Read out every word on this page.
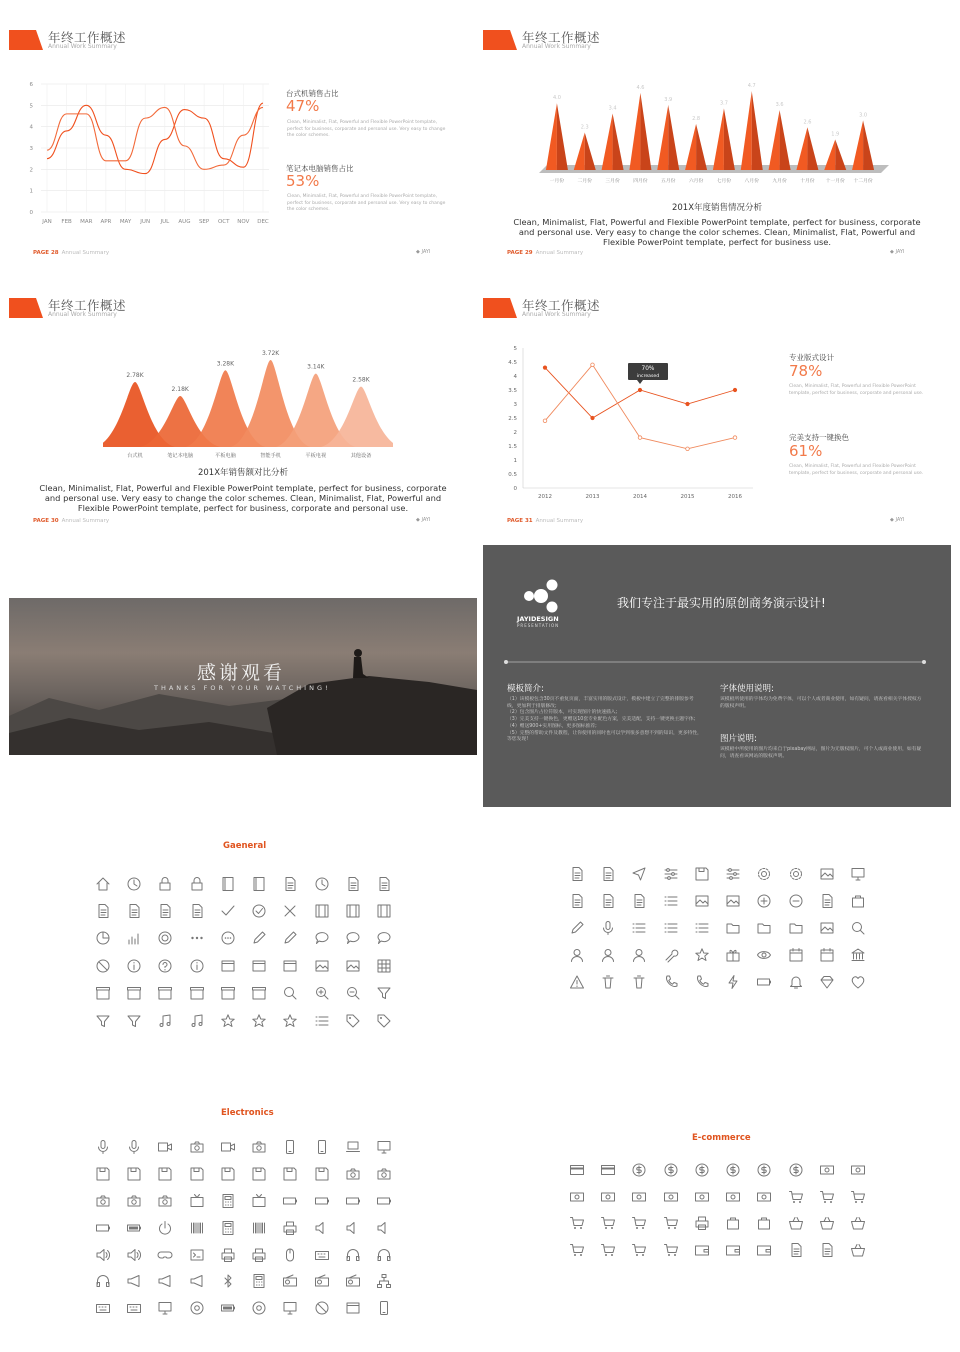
年终工作概述
Annual Work Summary
0
1
2
3
4
5
6
JAN FEB MAR APR MAY JUN JUL AUG SEP OCT NOV DEC
台式机销售占比
47%
Clean, Minimalist, Flat, Powerful and Flexible PowerPoint template, perfect for business, corporate and personal use. Very easy to change the color schemes.
笔记本电脑销售占比
53%
Clean, Minimalist, Flat, Powerful and Flexible PowerPoint template, perfect for business, corporate and personal use. Very easy to change the color schemes.
PAGE 28 Annual Summary	◆ JAYI
年终工作概述
Annual Work Summary
4.0
一月份
2.3
二月份
3.4
三月份
4.6
四月份
3.9
五月份
2.8
六月份
3.7
七月份
4.7
八月份
3.6
九月份
2.6
十月份
1.9
十一月份
3.0
十二月份
201X年度销售情况分析
Clean, Minimalist, Flat, Powerful and Flexible PowerPoint template, perfect for business, corporate and personal use. Very easy to change the color schemes. Clean, Minimalist, Flat, Powerful and Flexible PowerPoint template, perfect for business use.
PAGE 29 Annual Summary	◆ JAYI
年终工作概述
Annual Work Summary
2.78K
台式机
2.18K
笔记本电脑
3.28K
平板电脑
3.72K
智能手机
3.14K
平板电视
2.58K
其他设备
201X年销售额对比分析
Clean, Minimalist, Flat, Powerful and Flexible PowerPoint template, perfect for business, corporate and personal use. Very easy to change the color schemes. Clean, Minimalist, Flat, Powerful and Flexible PowerPoint template, perfect for business, corporate and personal use.
PAGE 30 Annual Summary	◆ JAYI
年终工作概述
Annual Work Summary
0
0.5
1
1.5
2
2.5
3
3.5
4
4.5
5
2012	2013	2014	2015	2016
70%
increased
专业版式设计
78%
Clean, Minimalist, Flat, Powerful and Flexible PowerPoint template, perfect for business, corporate and personal use.
完美支持一键换色
61%
Clean, Minimalist, Flat, Powerful and Flexible PowerPoint template, perfect for business, corporate and personal use.
PAGE 31 Annual Summary	◆ JAYI
感谢观看
THANKS FOR YOUR WATCHING!
JAYIDESIGN
PRESENTATION
我们专注于最实用的原创商务演示设计!
模板简介:
（1）该模板包含30页不重复页面，丰富实用的版式设计，模板中建立了完整的排版参考线，更加利于排版修改;
（2）包含图片占位符版本，可实现图片的快速插入;
（3）完美支持一键换色，更赠送10套专业配色方案，完美适配，支持一键更换主题字体;
（4）赠送900+实用图标，更多图标推荐;
（5）完整的帮助文件及教程，让你使用的同时也可以学到很多意想不到的知识，更多特性，等您发现!
字体使用说明:
该模板所使用的字体均为免费字体，可以个人或者商业使用，如有疑问，请查看相关字体授权方的版权声明。
图片说明:
该模板中所使用的图片均来自于pixabay网站，图片为无版权图片，可个人或商业使用，如有疑问，请查看该网站的版权声明。
Gaeneral
Electronics
E-commerce
